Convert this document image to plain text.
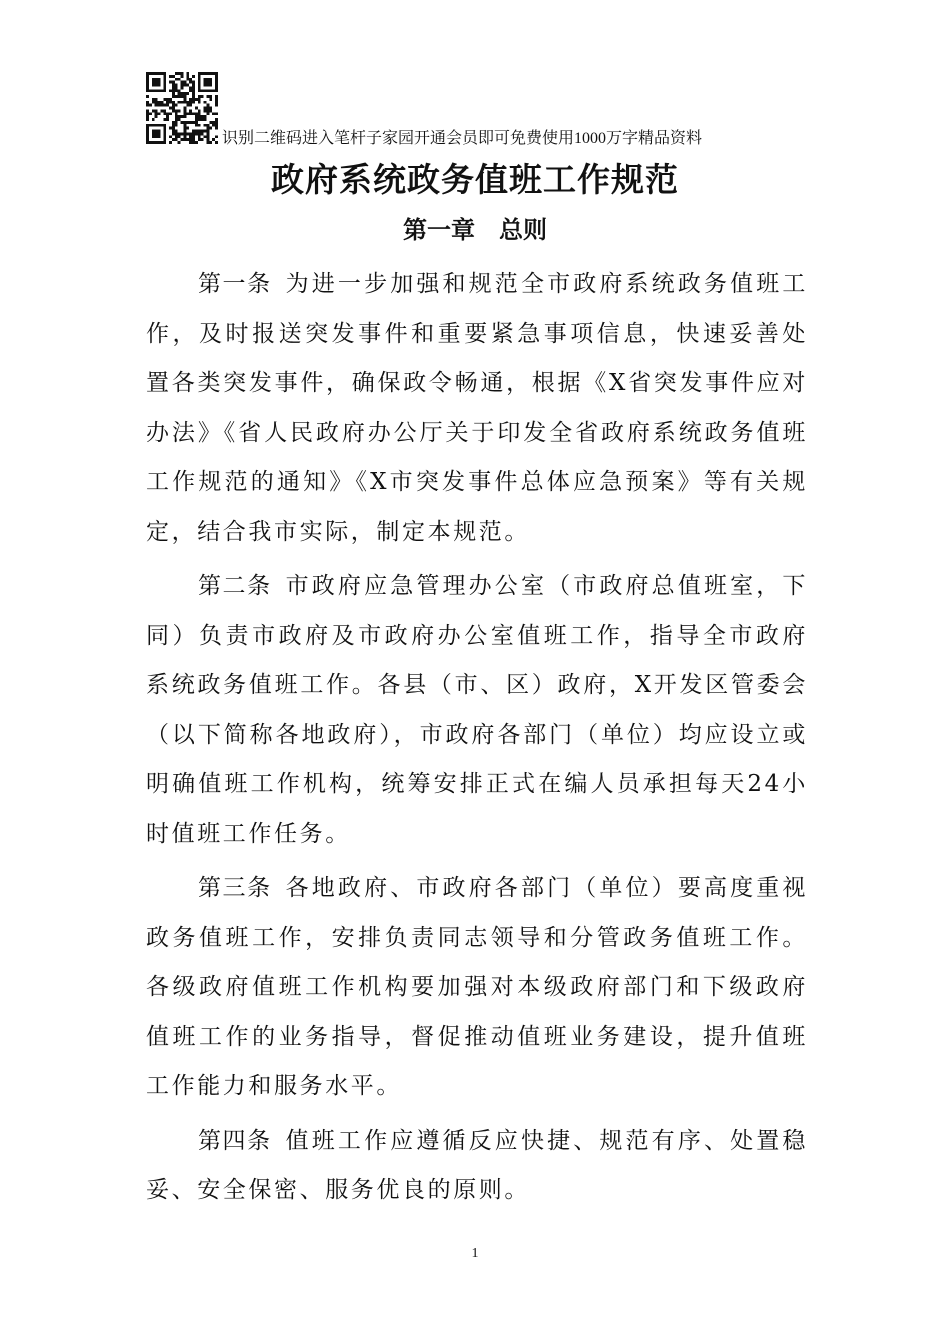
识别二维码进入笔杆子家园开通会员即可免费使用1000万字精品资料
政府系统政务值班工作规范
第一章　总则

第一条 为进一步加强和规范全市政府系统政务值班工作，及时报送突发事件和重要紧急事项信息，快速妥善处置各类突发事件，确保政令畅通，根据《X省突发事件应对办法》《省人民政府办公厅关于印发全省政府系统政务值班工作规范的通知》《X市突发事件总体应急预案》等有关规定，结合我市实际，制定本规范。

第二条 市政府应急管理办公室（市政府总值班室，下同）负责市政府及市政府办公室值班工作，指导全市政府系统政务值班工作。各县（市、区）政府，X开发区管委会（以下简称各地政府），市政府各部门（单位）均应设立或明确值班工作机构，统筹安排正式在编人员承担每天24小时值班工作任务。

第三条 各地政府、市政府各部门（单位）要高度重视政务值班工作，安排负责同志领导和分管政务值班工作。各级政府值班工作机构要加强对本级政府部门和下级政府值班工作的业务指导，督促推动值班业务建设，提升值班工作能力和服务水平。

第四条 值班工作应遵循反应快捷、规范有序、处置稳妥、安全保密、服务优良的原则。

1
